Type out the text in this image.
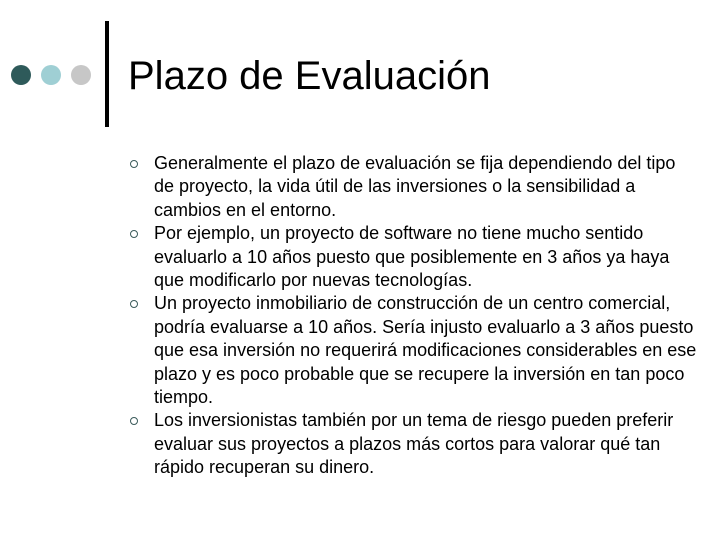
Plazo de Evaluación
Generalmente el plazo de evaluación se fija dependiendo del tipo de proyecto, la vida útil de las inversiones o la sensibilidad a cambios en el entorno.
Por ejemplo, un proyecto de software no tiene mucho sentido evaluarlo a 10 años puesto que posiblemente en 3 años ya haya que modificarlo por nuevas tecnologías.
Un proyecto inmobiliario de construcción de un centro comercial, podría evaluarse a 10 años. Sería injusto evaluarlo a 3 años puesto que esa inversión no requerirá modificaciones considerables en ese plazo y es poco probable que se recupere la inversión en tan poco tiempo.
Los inversionistas también por un tema de riesgo pueden preferir evaluar sus proyectos a plazos más cortos para valorar qué tan rápido recuperan su dinero.
